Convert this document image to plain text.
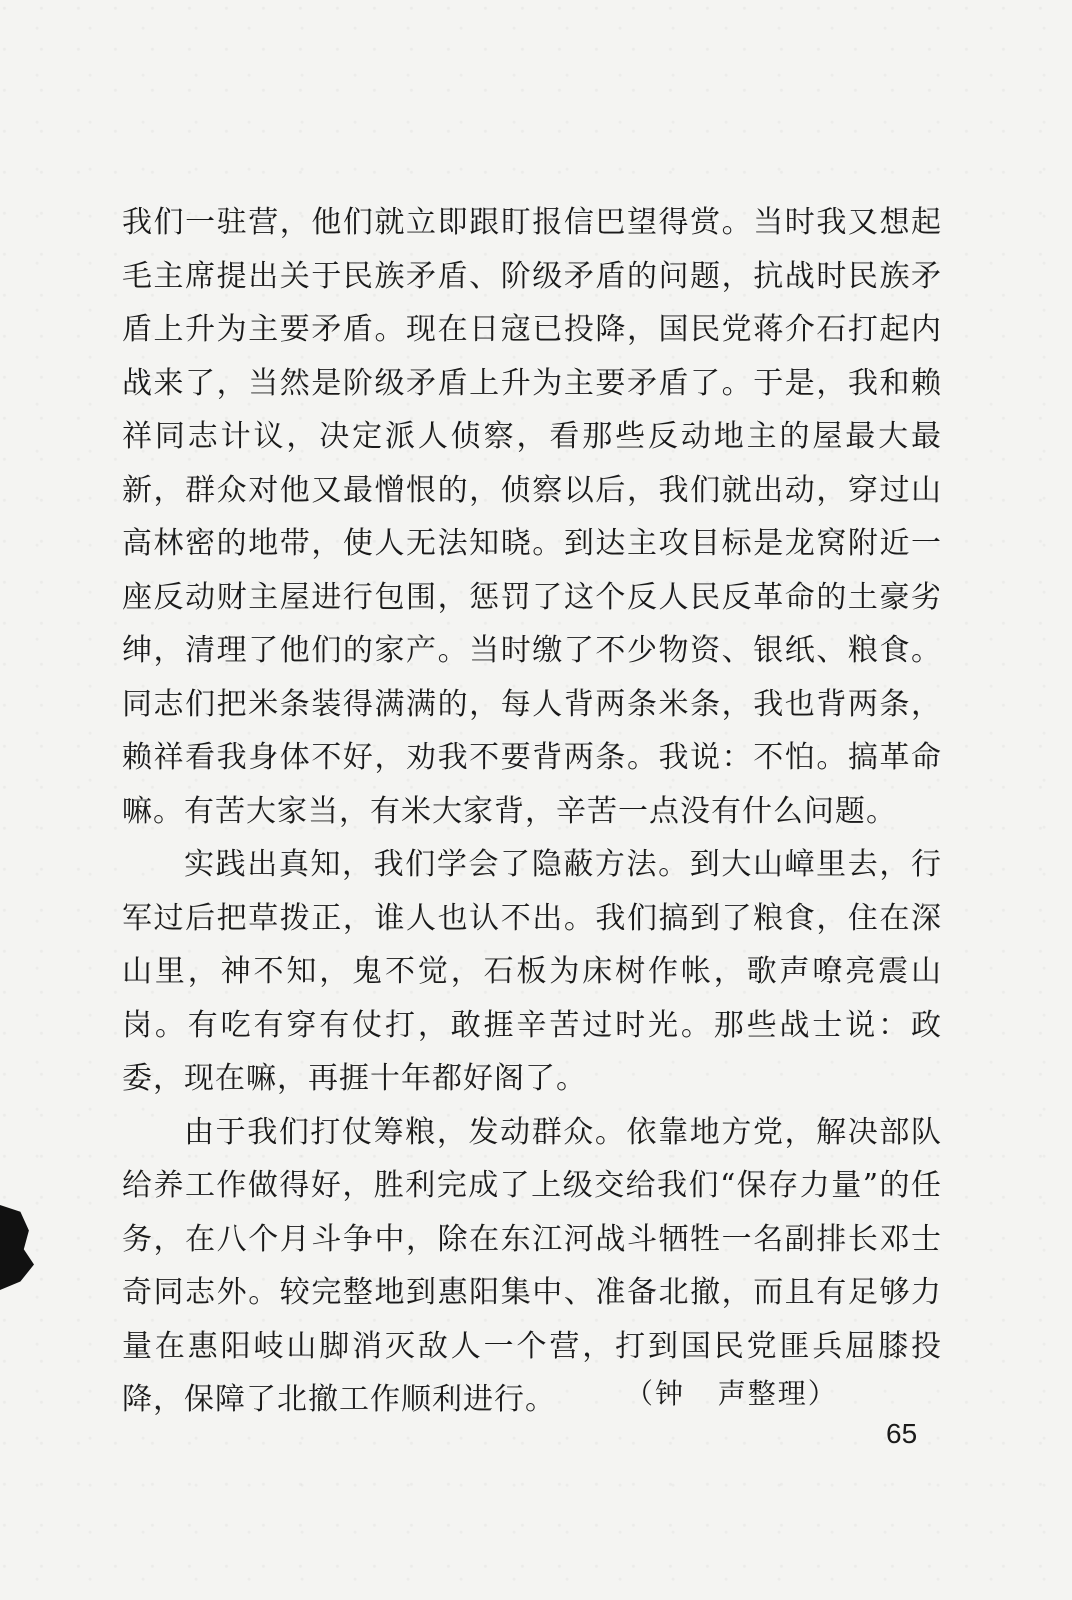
我们一驻营，他们就立即跟盯报信巴望得赏。当时我又想起毛主席提出关于民族矛盾、阶级矛盾的问题，抗战时民族矛盾上升为主要矛盾。现在日寇已投降，国民党蒋介石打起内战来了，当然是阶级矛盾上升为主要矛盾了。于是，我和赖祥同志计议，决定派人侦察，看那些反动地主的屋最大最新，群众对他又最憎恨的，侦察以后，我们就出动，穿过山高林密的地带，使人无法知晓。到达主攻目标是龙窝附近一座反动财主屋进行包围，惩罚了这个反人民反革命的土豪劣绅，清理了他们的家产。当时缴了不少物资、银纸、粮食。同志们把米条装得满满的，每人背两条米条，我也背两条，赖祥看我身体不好，劝我不要背两条。我说：不怕。搞革命嘛。有苦大家当，有米大家背，辛苦一点没有什么问题。

实践出真知，我们学会了隐蔽方法。到大山嶂里去，行军过后把草拨正，谁人也认不出。我们搞到了粮食，住在深山里，神不知，鬼不觉，石板为床树作帐，歌声嘹亮震山岗。有吃有穿有仗打，敢捱辛苦过时光。那些战士说：政委，现在嘛，再捱十年都好阁了。

由于我们打仗筹粮，发动群众。依靠地方党，解决部队给养工作做得好，胜利完成了上级交给我们“保存力量”的任务，在八个月斗争中，除在东江河战斗牺牲一名副排长邓士奇同志外。较完整地到惠阳集中、准备北撤，而且有足够力量在惠阳岐山脚消灭敌人一个营，打到国民党匪兵屈膝投降，保障了北撤工作顺利进行。	（钟   声整理）
65
